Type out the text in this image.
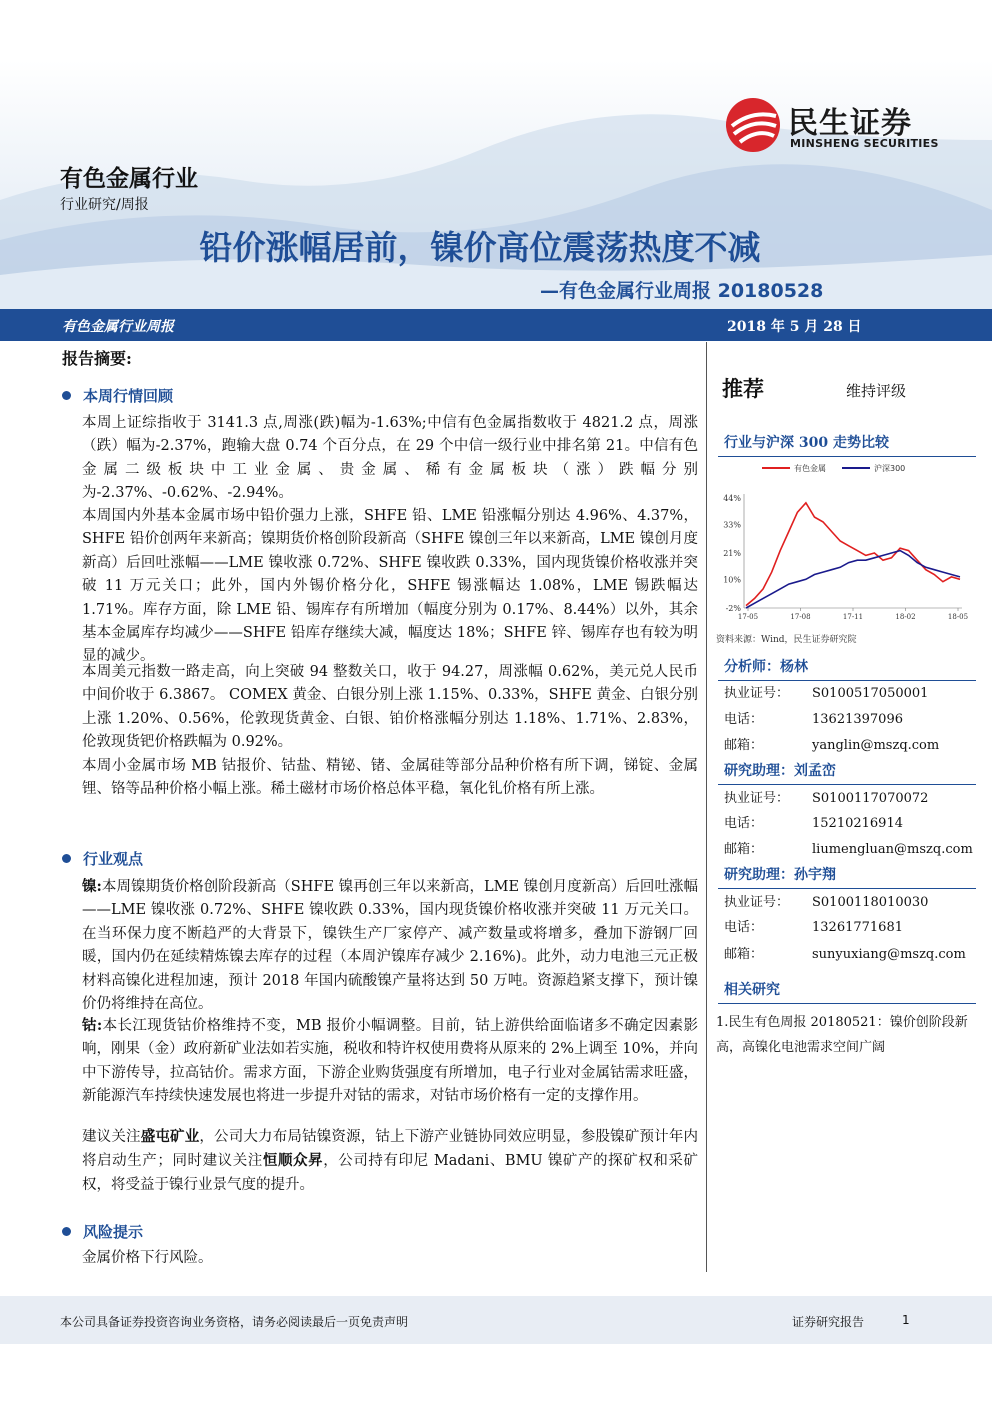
民生证券
MINSHENG SECURITIES
有色金属行业
行业研究/周报
铅价涨幅居前，镍价高位震荡热度不减
—有色金属行业周报 20180528
有色金属行业周报	2018 年 5 月 28 日
报告摘要:
本周行情回顾
本周上证综指收于 3141.3 点,周涨(跌)幅为-1.63%;中信有色金属指数收于 4821.2 点，周涨（跌）幅为-2.37%，跑输大盘 0.74 个百分点，在 29 个中信一级行业中排名第 21。中信有色金属二级板块中工业金属、贵金属、稀有金属板块（涨）跌幅分别为-2.37%、-0.62%、-2.94%。
本周国内外基本金属市场中铅价强力上涨，SHFE 铅、LME 铅涨幅分别达 4.96%、4.37%，SHFE 铅价创两年来新高；镍期货价格创阶段新高（SHFE 镍创三年以来新高，LME 镍创月度新高）后回吐涨幅——LME 镍收涨 0.72%、SHFE 镍收跌 0.33%，国内现货镍价格收涨并突破 11 万元关口；此外，国内外锡价格分化，SHFE 锡涨幅达 1.08%，LME 锡跌幅达 1.71%。库存方面，除 LME 铅、锡库存有所增加（幅度分别为 0.17%、8.44%）以外，其余基本金属库存均减少——SHFE 铅库存继续大减，幅度达 18%；SHFE 锌、锡库存也有较为明显的减少。
本周美元指数一路走高，向上突破 94 整数关口，收于 94.27，周涨幅 0.62%，美元兑人民币中间价收于 6.3867。 COMEX 黄金、白银分别上涨 1.15%、0.33%，SHFE 黄金、白银分别上涨 1.20%、0.56%，伦敦现货黄金、白银、铂价格涨幅分别达 1.18%、1.71%、2.83%，伦敦现货钯价格跌幅为 0.92%。
本周小金属市场 MB 钴报价、钴盐、精铋、锗、金属硅等部分品种价格有所下调，锑锭、金属锂、铬等品种价格小幅上涨。稀土磁材市场价格总体平稳，氧化钆价格有所上涨。
行业观点
镍:本周镍期货价格创阶段新高（SHFE 镍再创三年以来新高，LME 镍创月度新高）后回吐涨幅——LME 镍收涨 0.72%、SHFE 镍收跌 0.33%，国内现货镍价格收涨并突破 11 万元关口。在当环保力度不断趋严的大背景下，镍铁生产厂家停产、减产数量或将增多，叠加下游钢厂回暖，国内仍在延续精炼镍去库存的过程（本周沪镍库存减少 2.16%)。此外，动力电池三元正极材料高镍化进程加速，预计 2018 年国内硫酸镍产量将达到 50 万吨。资源趋紧支撑下，预计镍价仍将维持在高位。
钴:本长江现货钴价格维持不变，MB 报价小幅调整。目前，钴上游供给面临诸多不确定因素影响，刚果（金）政府新矿业法如若实施，税收和特许权使用费将从原来的 2%上调至 10%，并向中下游传导，拉高钴价。需求方面，下游企业购货强度有所增加，电子行业对金属钴需求旺盛，新能源汽车持续快速发展也将进一步提升对钴的需求，对钴市场价格有一定的支撑作用。
建议关注盛屯矿业，公司大力布局钴镍资源，钴上下游产业链协同效应明显，参股镍矿预计年内将启动生产；同时建议关注恒顺众昇，公司持有印尼 Madani、BMU 镍矿产的探矿权和采矿权，将受益于镍行业景气度的提升。
风险提示
金属价格下行风险。
推荐	维持评级
行业与沪深 300 走势比较
有色金属	沪深300
44%
33%
21%
10%
-2%
17-05	17-08	17-11	18-02	18-05
资料来源：Wind，民生证券研究院
分析师：杨林
执业证号： S0100517050001
电话：	13621397096
邮箱：	yanglin@mszq.com
研究助理：刘孟峦
执业证号： S0100117070072
电话：	15210216914
邮箱：	liumengluan@mszq.com
研究助理：孙宇翔
执业证号： S0100118010030
电话：	13261771681
邮箱：	sunyuxiang@mszq.com
相关研究
1.民生有色周报 20180521：镍价创阶段新高，高镍化电池需求空间广阔
本公司具备证券投资咨询业务资格，请务必阅读最后一页免责声明	证券研究报告	1
